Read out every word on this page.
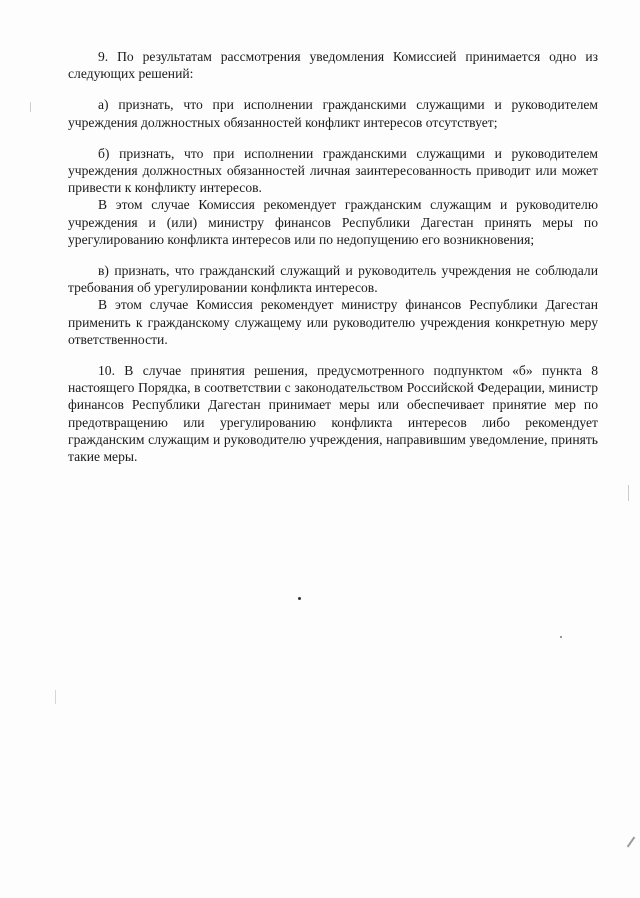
9. По результатам рассмотрения уведомления Комиссией принимается одно из следующих решений:

а) признать, что при исполнении гражданскими служащими и руководителем учреждения должностных обязанностей конфликт интересов отсутствует;

б) признать, что при исполнении гражданскими служащими и руководителем учреждения должностных обязанностей личная заинтересованность приводит или может привести к конфликту интересов.

В этом случае Комиссия рекомендует гражданским служащим и руководителю учреждения и (или) министру финансов Республики Дагестан принять меры по урегулированию конфликта интересов или по недопущению его возникновения;

в) признать, что гражданский служащий и руководитель учреждения не соблюдали требования об урегулировании конфликта интересов.

В этом случае Комиссия рекомендует министру финансов Республики Дагестан применить к гражданскому служащему или руководителю учреждения конкретную меру ответственности.

10. В случае принятия решения, предусмотренного подпунктом «б» пункта 8 настоящего Порядка, в соответствии с законодательством Российской Федерации, министр финансов Республики Дагестан принимает меры или обеспечивает принятие мер по предотвращению или урегулированию конфликта интересов либо рекомендует гражданским служащим и руководителю учреждения, направившим уведомление, принять такие меры.
